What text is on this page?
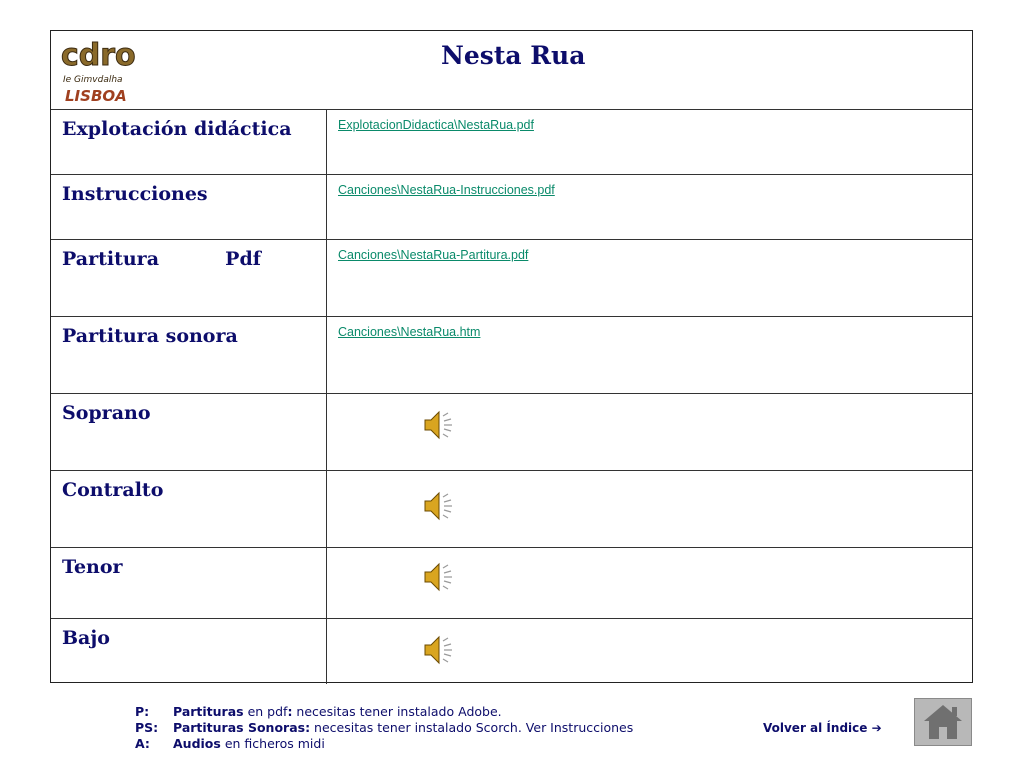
cdro
Ie Gimvdalha
LISBOA
Nesta Rua
Explotación didáctica	ExplotacionDidactica\NestaRua.pdf
Instrucciones	Canciones\NestaRua-Instrucciones.pdf
Partitura          Pdf	Canciones\NestaRua-Partitura.pdf
Partitura sonora	Canciones\NestaRua.htm
Soprano
Contralto
Tenor
Bajo
P: Partituras en pdf: necesitas tener instalado Adobe.
PS: Partituras Sonoras: necesitas tener instalado Scorch. Ver Instrucciones
A: Audios en ficheros midi
Volver al Índice ➔
